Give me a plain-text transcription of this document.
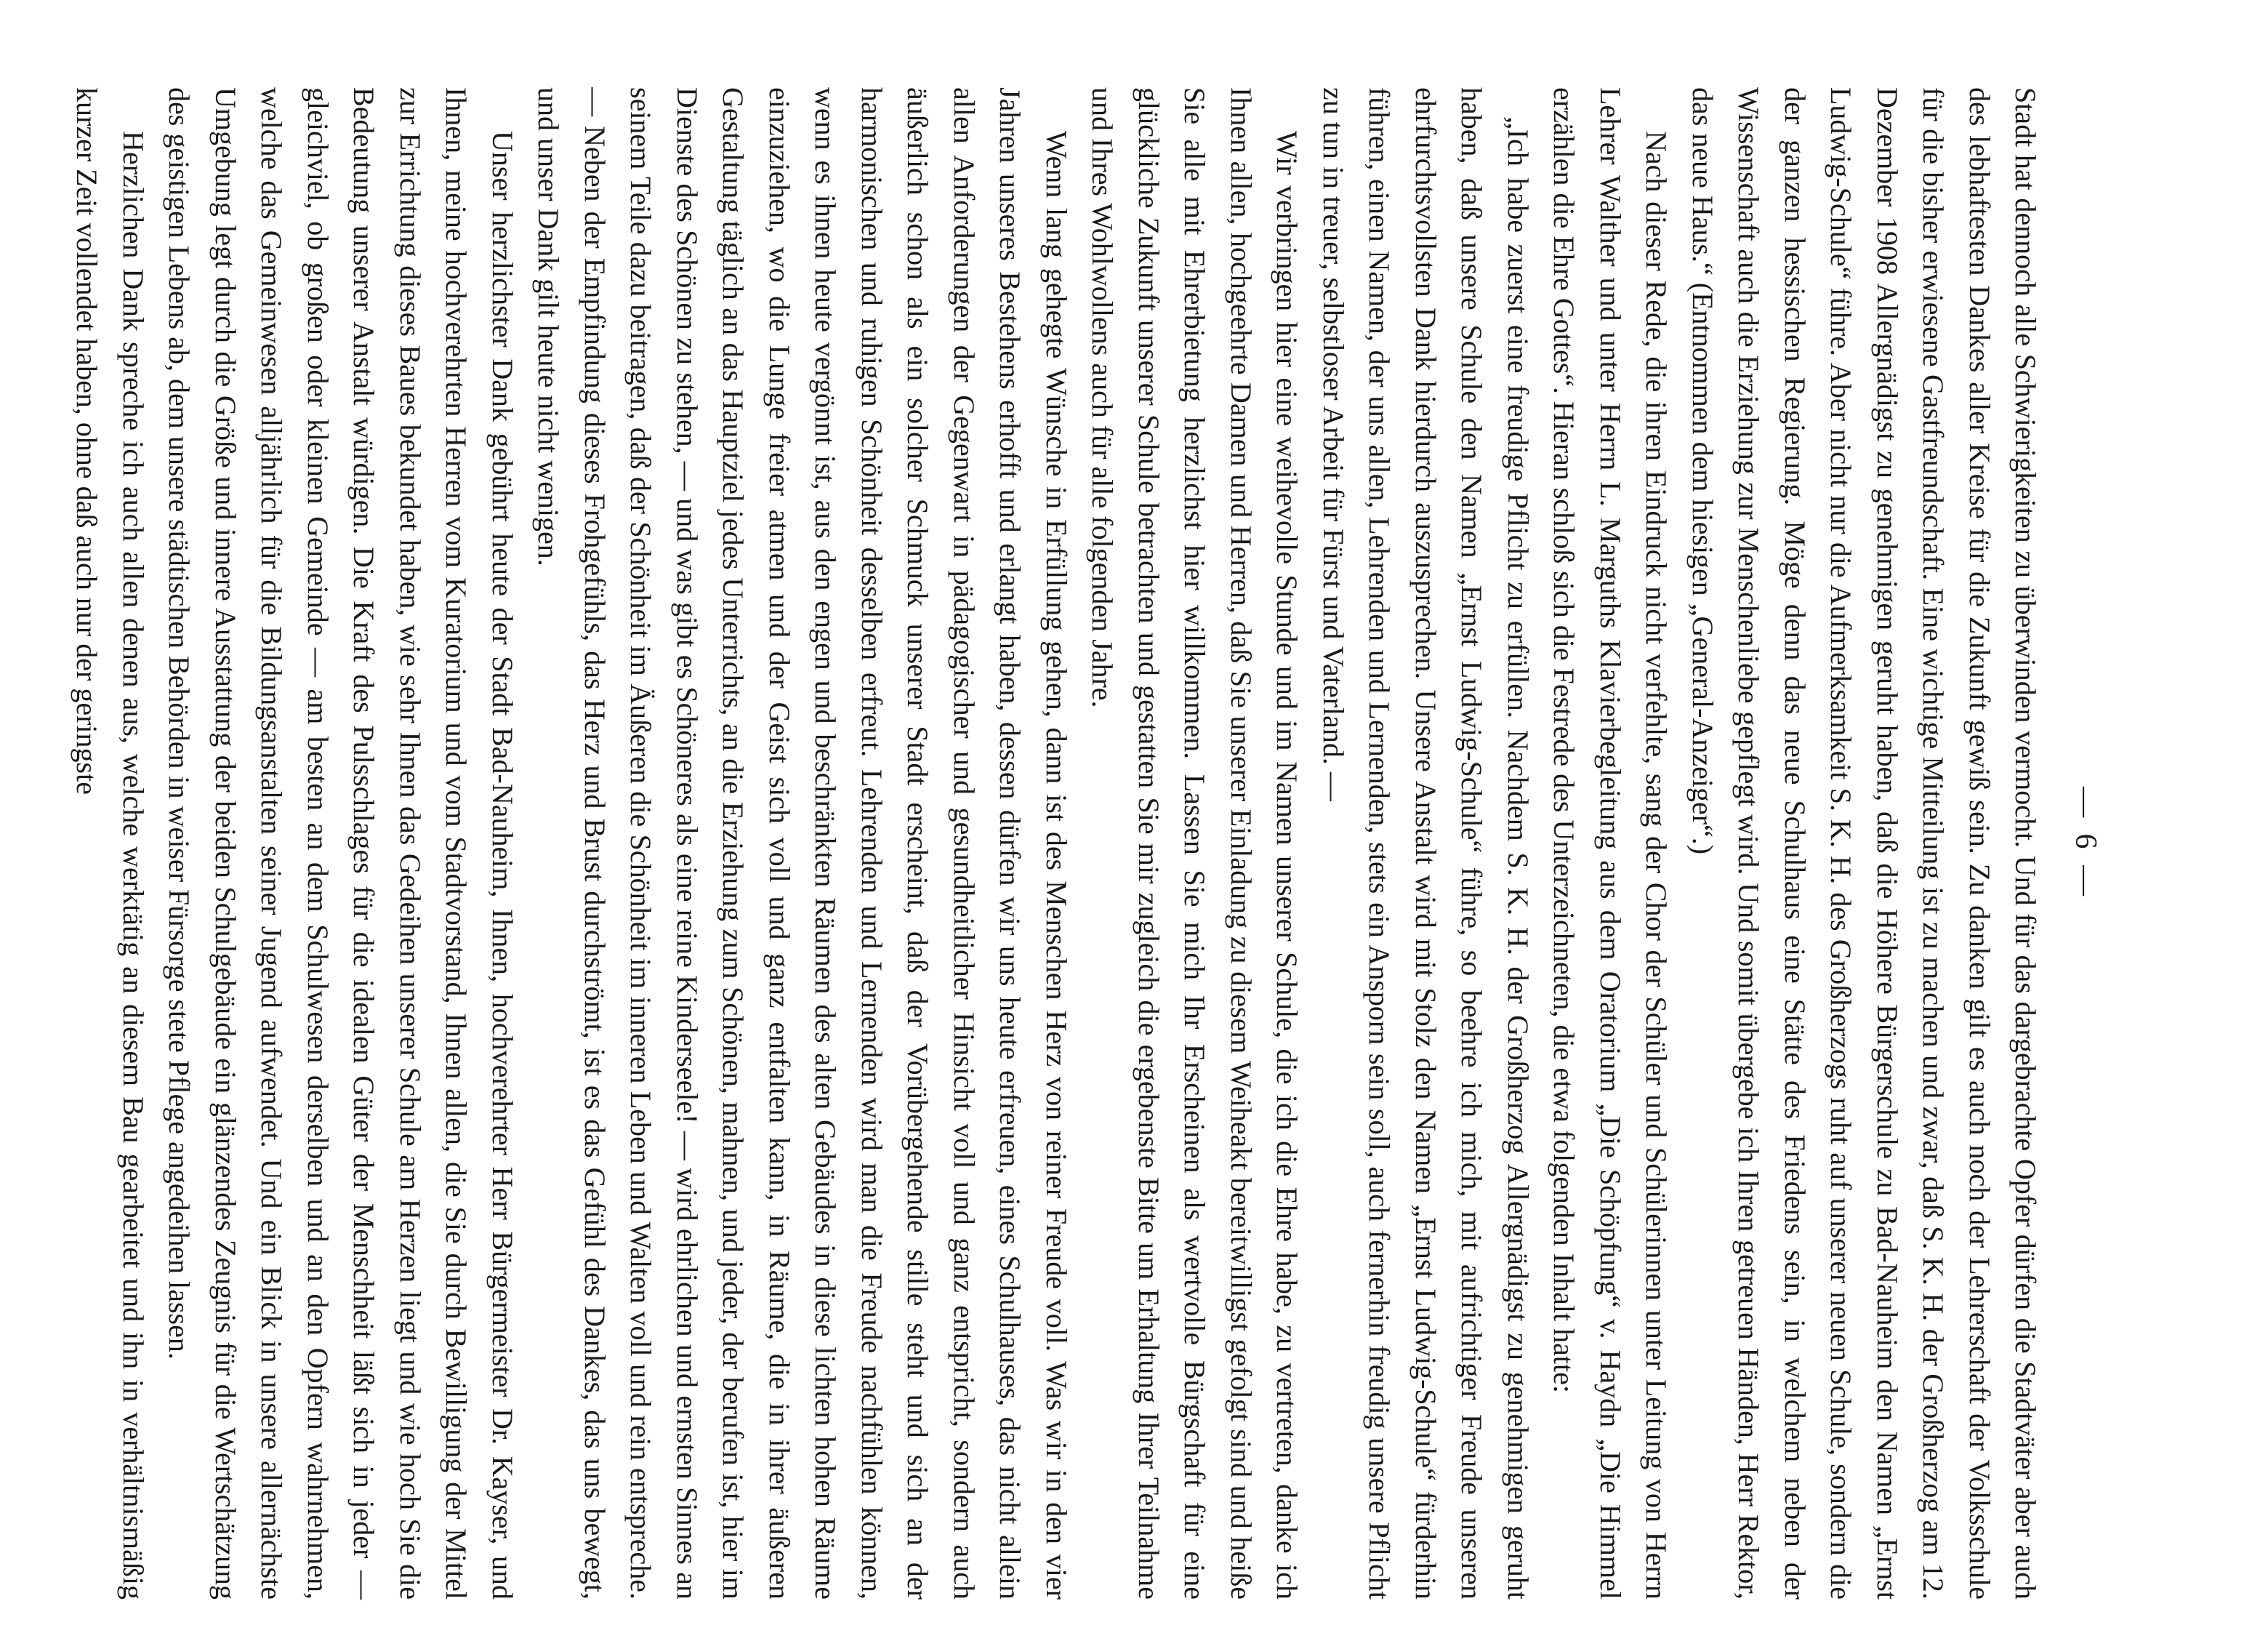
— 6 —

Stadt hat dennoch alle Schwierigkeiten zu überwinden vermocht. Und für das dargebrachte Opfer dürfen die Stadtväter aber auch des lebhaftesten Dankes aller Kreise für die Zukunft gewiß sein. Zu danken gilt es auch noch der Lehrerschaft der Volksschule für die bisher erwiesene Gastfreundschaft. Eine wichtige Mitteilung ist zu machen und zwar, daß S. K. H. der Großherzog am 12. Dezember 1908 Allergnädigst zu genehmigen geruht haben, daß die Höhere Bürgerschule zu Bad-Nauheim den Namen „Ernst Ludwig-Schule“ führe. Aber nicht nur die Aufmerksamkeit S. K. H. des Großherzogs ruht auf unserer neuen Schule, sondern die der ganzen hessischen Regierung. Möge denn das neue Schulhaus eine Stätte des Friedens sein, in welchem neben der Wissenschaft auch die Erziehung zur Menschenliebe gepflegt wird. Und somit übergebe ich Ihren getreuen Händen, Herr Rektor, das neue Haus.“ (Entnommen dem hiesigen „General-Anzeiger“.)

Nach dieser Rede, die ihren Eindruck nicht verfehlte, sang der Chor der Schüler und Schülerinnen unter Leitung von Herrn Lehrer Walther und unter Herrn L. Marguths Klavierbegleitung aus dem Oratorium „Die Schöpfung“ v. Haydn „Die Himmel erzählen die Ehre Gottes“. Hieran schloß sich die Festrede des Unterzeichneten, die etwa folgenden Inhalt hatte:

„Ich habe zuerst eine freudige Pflicht zu erfüllen. Nachdem S. K. H. der Großherzog Allergnädigst zu genehmigen geruht haben, daß unsere Schule den Namen „Ernst Ludwig-Schule“ führe, so beehre ich mich, mit aufrichtiger Freude unseren ehrfurchtsvollsten Dank hierdurch auszusprechen. Unsere Anstalt wird mit Stolz den Namen „Ernst Ludwig-Schule“ fürderhin führen, einen Namen, der uns allen, Lehrenden und Lernenden, stets ein Ansporn sein soll, auch fernerhin freudig unsere Pflicht zu tun in treuer, selbstloser Arbeit für Fürst und Vaterland. —

Wir verbringen hier eine weihevolle Stunde und im Namen unserer Schule, die ich die Ehre habe, zu vertreten, danke ich Ihnen allen, hochgeehrte Damen und Herren, daß Sie unserer Einladung zu diesem Weiheakt bereitwilligst gefolgt sind und heiße Sie alle mit Ehrerbietung herzlichst hier willkommen. Lassen Sie mich Ihr Erscheinen als wertvolle Bürgschaft für eine glückliche Zukunft unserer Schule betrachten und gestatten Sie mir zugleich die ergebenste Bitte um Erhaltung Ihrer Teilnahme und Ihres Wohlwollens auch für alle folgenden Jahre.

Wenn lang gehegte Wünsche in Erfüllung gehen, dann ist des Menschen Herz von reiner Freude voll. Was wir in den vier Jahren unseres Bestehens erhofft und erlangt haben, dessen dürfen wir uns heute erfreuen, eines Schulhauses, das nicht allein allen Anforderungen der Gegenwart in pädagogischer und gesundheitlicher Hinsicht voll und ganz entspricht, sondern auch äußerlich schon als ein solcher Schmuck unserer Stadt erscheint, daß der Vorübergehende stille steht und sich an der harmonischen und ruhigen Schönheit desselben erfreut. Lehrenden und Lernenden wird man die Freude nachfühlen können, wenn es ihnen heute vergönnt ist, aus den engen und beschränkten Räumen des alten Gebäudes in diese lichten hohen Räume einzuziehen, wo die Lunge freier atmen und der Geist sich voll und ganz entfalten kann, in Räume, die in ihrer äußeren Gestaltung täglich an das Hauptziel jedes Unterrichts, an die Erziehung zum Schönen, mahnen, und jeder, der berufen ist, hier im Dienste des Schönen zu stehen, — und was gibt es Schöneres als eine reine Kinderseele! — wird ehrlichen und ernsten Sinnes an seinem Teile dazu beitragen, daß der Schönheit im Äußeren die Schönheit im inneren Leben und Walten voll und rein entspreche. — Neben der Empfindung dieses Frohgefühls, das Herz und Brust durchströmt, ist es das Gefühl des Dankes, das uns bewegt, und unser Dank gilt heute nicht wenigen.

Unser herzlichster Dank gebührt heute der Stadt Bad-Nauheim, Ihnen, hochverehrter Herr Bürgermeister Dr. Kayser, und Ihnen, meine hochverehrten Herren vom Kuratorium und vom Stadtvorstand, Ihnen allen, die Sie durch Bewilligung der Mittel zur Errichtung dieses Baues bekundet haben, wie sehr Ihnen das Gedeihen unserer Schule am Herzen liegt und wie hoch Sie die Bedeutung unserer Anstalt würdigen. Die Kraft des Pulsschlages für die idealen Güter der Menschheit läßt sich in jeder — gleichviel, ob großen oder kleinen Gemeinde — am besten an dem Schulwesen derselben und an den Opfern wahrnehmen, welche das Gemeinwesen alljährlich für die Bildungsanstalten seiner Jugend aufwendet. Und ein Blick in unsere allernächste Umgebung legt durch die Größe und innere Ausstattung der beiden Schulgebäude ein glänzendes Zeugnis für die Wertschätzung des geistigen Lebens ab, dem unsere städtischen Behörden in weiser Fürsorge stete Pflege angedeihen lassen.

Herzlichen Dank spreche ich auch allen denen aus, welche werktätig an diesem Bau gearbeitet und ihn in verhältnismäßig kurzer Zeit vollendet haben, ohne daß auch nur der geringste
